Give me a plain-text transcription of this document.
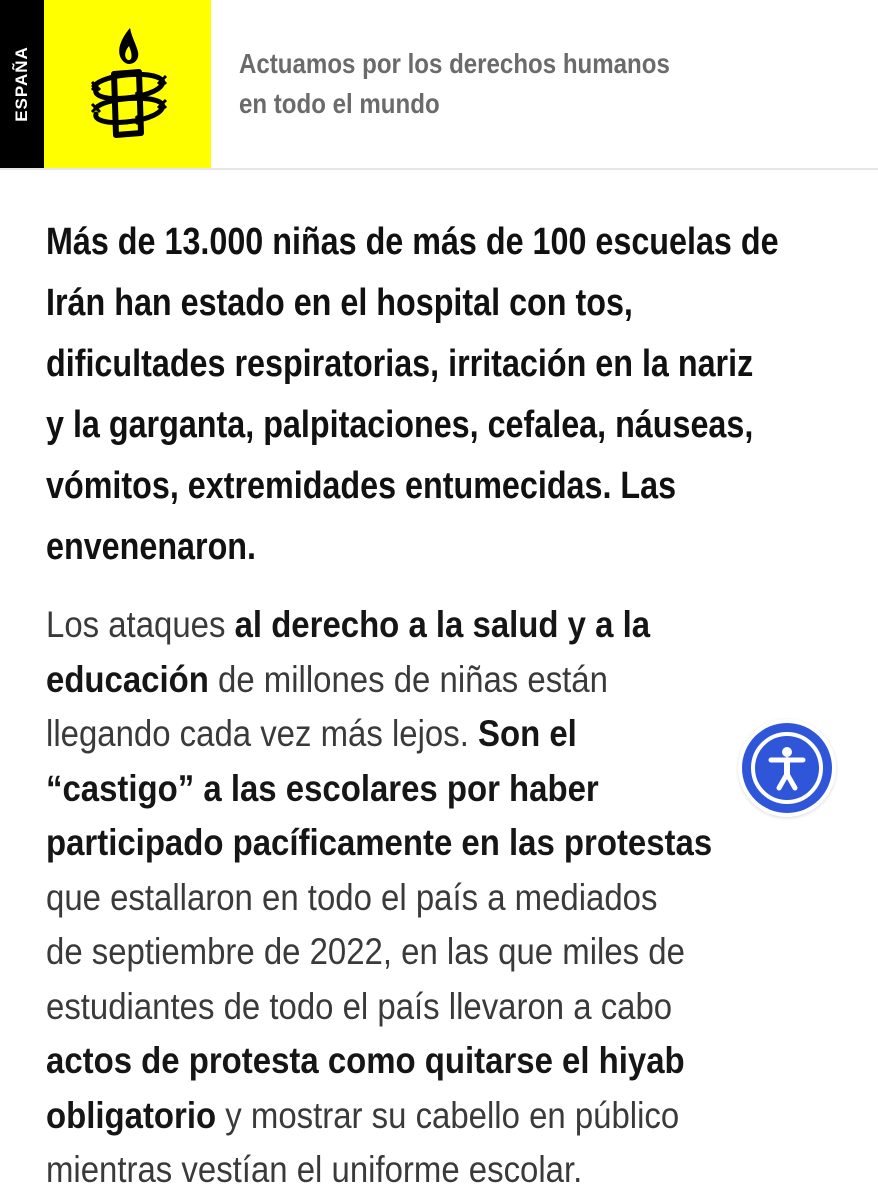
ESPAÑA	Actuamos por los derechos humanos
en todo el mundo
Más de 13.000 niñas de más de 100 escuelas de
Irán han estado en el hospital con tos,
dificultades respiratorias, irritación en la nariz
y la garganta, palpitaciones, cefalea, náuseas,
vómitos, extremidades entumecidas. Las
envenenaron.
Los ataques al derecho a la salud y a la
educación de millones de niñas están
llegando cada vez más lejos. Son el
“castigo” a las escolares por haber
participado pacíficamente en las protestas
que estallaron en todo el país a mediados
de septiembre de 2022, en las que miles de
estudiantes de todo el país llevaron a cabo
actos de protesta como quitarse el hiyab
obligatorio y mostrar su cabello en público
mientras vestían el uniforme escolar.
